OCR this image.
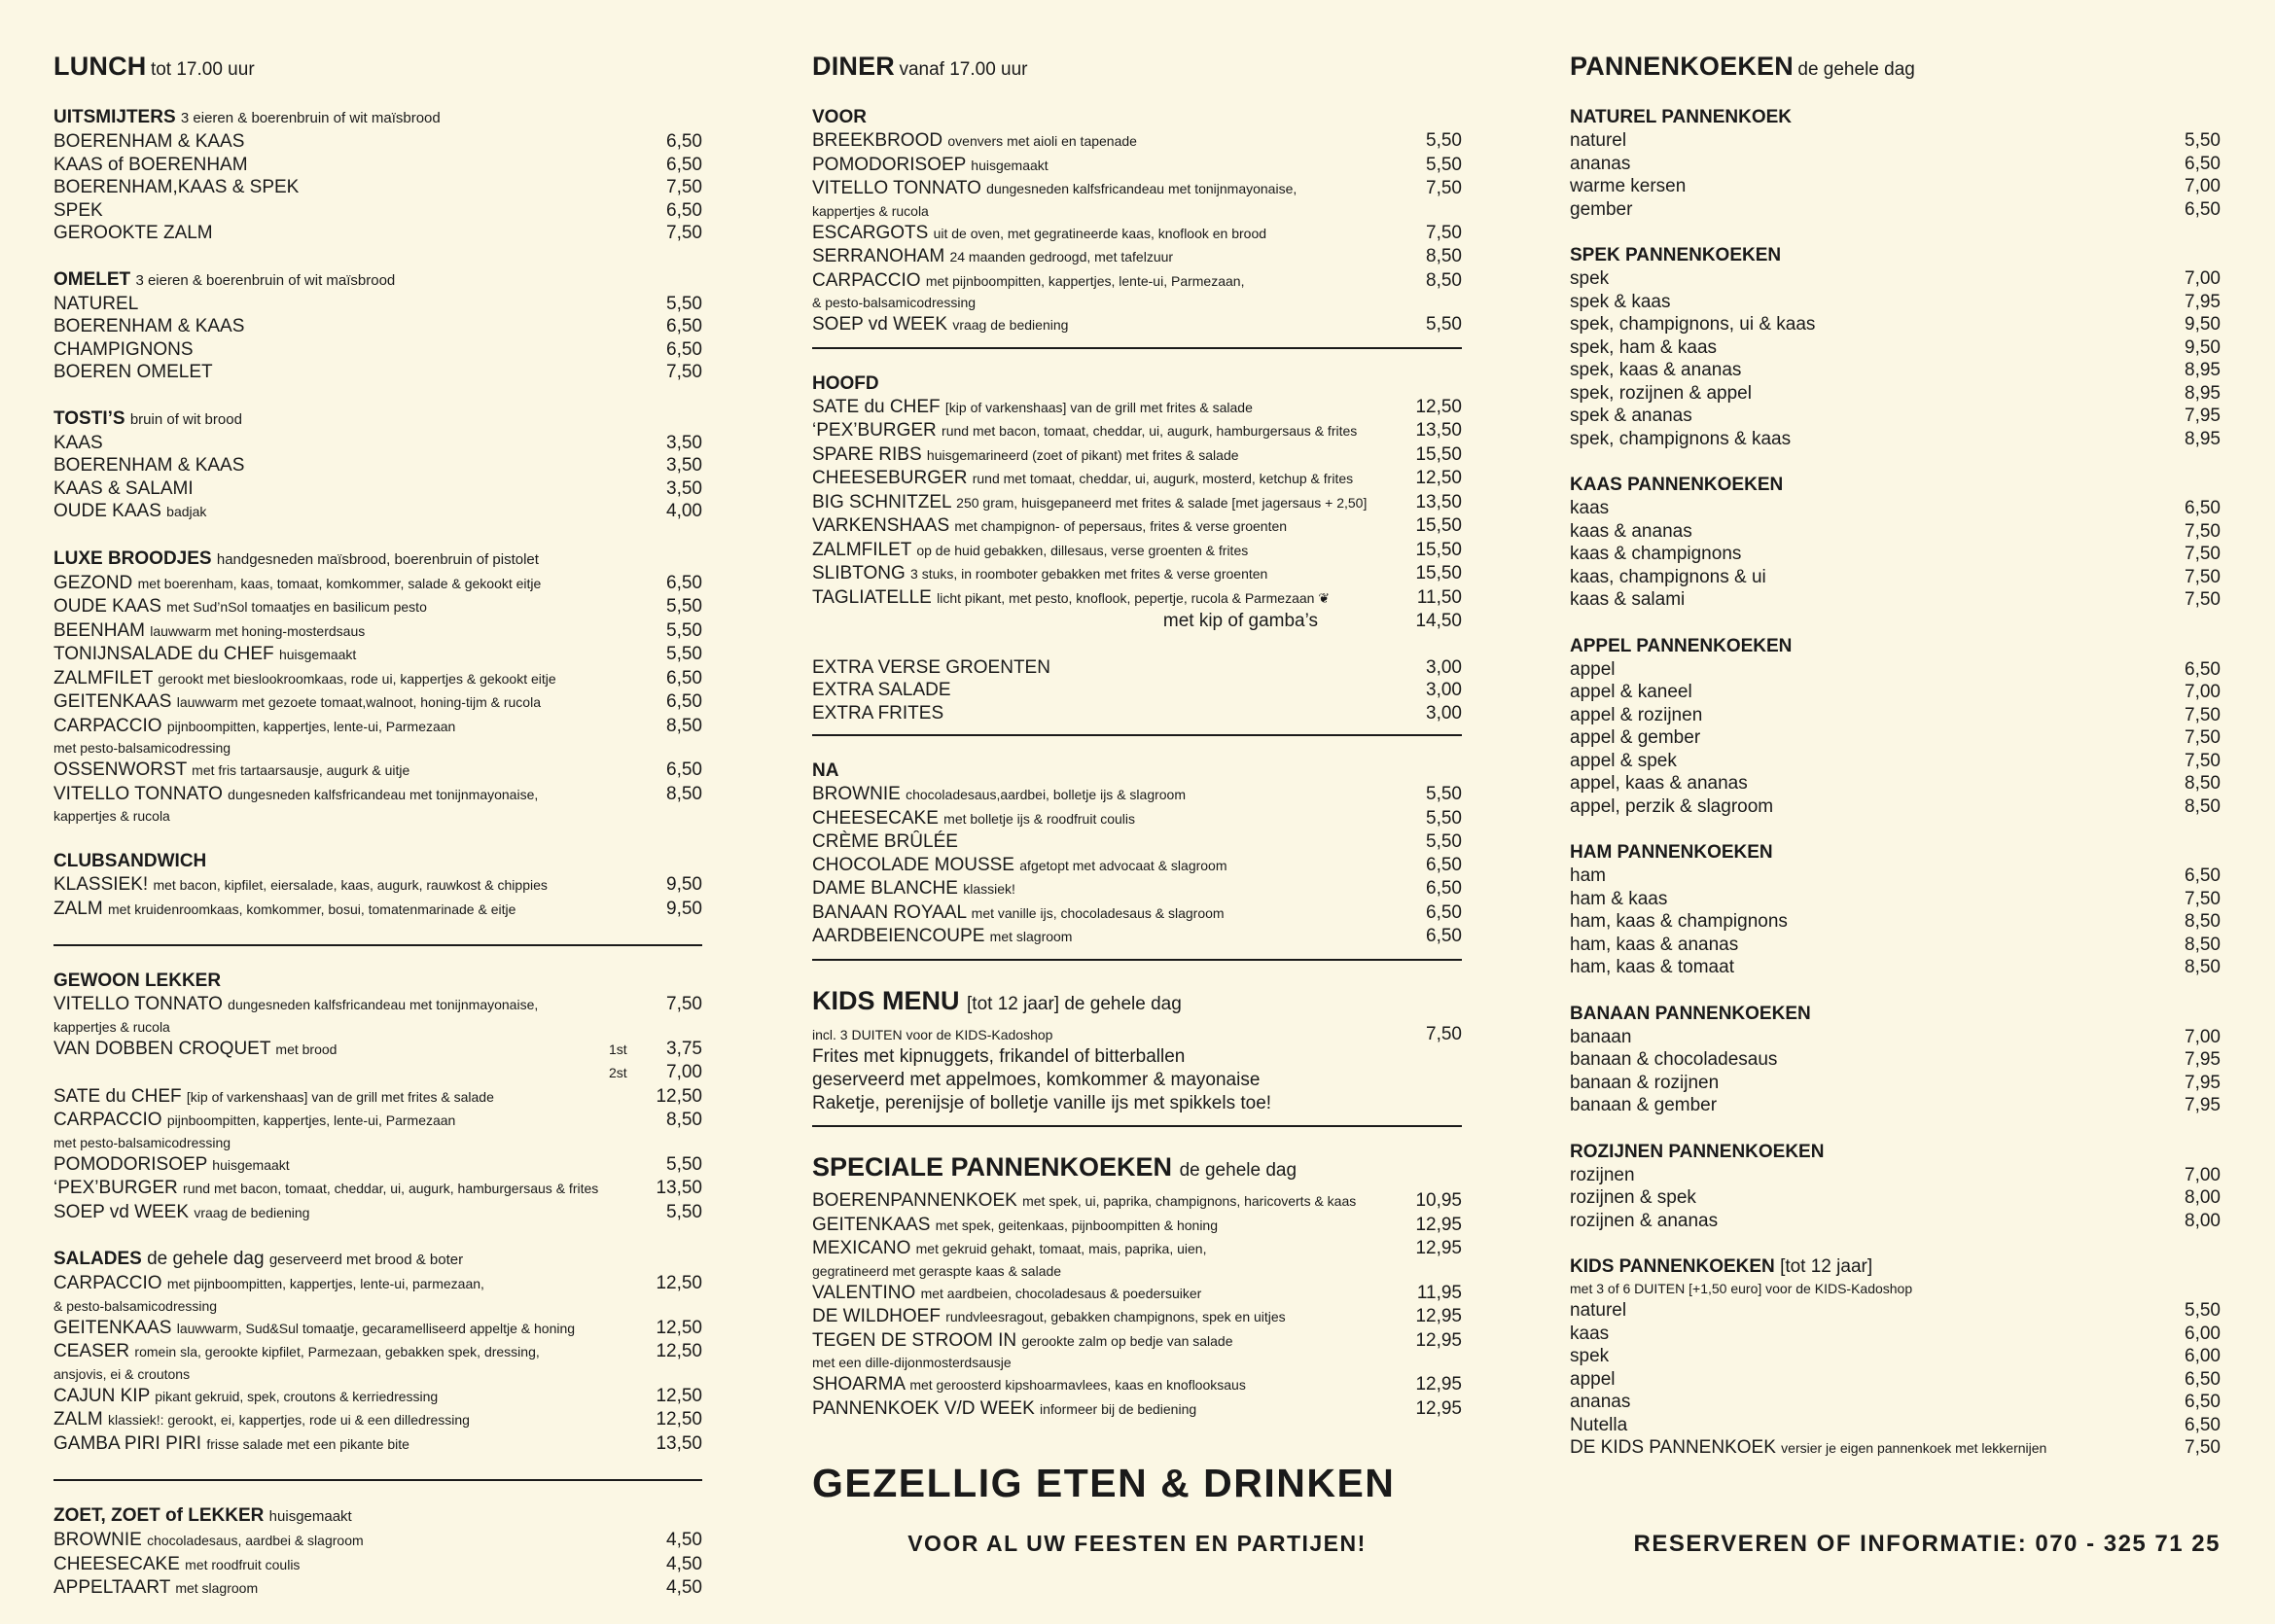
LUNCH tot 17.00 uur
UITSMIJTERS 3 eieren & boerenbruin of wit maïsbrood
BOERENHAM & KAAS	6,50
KAAS of BOERENHAM	6,50
BOERENHAM,KAAS & SPEK	7,50
SPEK	6,50
GEROOKTE ZALM	7,50
OMELET 3 eieren & boerenbruin of wit maïsbrood
NATUREL	5,50
BOERENHAM & KAAS	6,50
CHAMPIGNONS	6,50
BOEREN OMELET	7,50
TOSTI’S bruin of wit brood
KAAS	3,50
BOERENHAM & KAAS	3,50
KAAS & SALAMI	3,50
OUDE KAAS badjak	4,00
LUXE BROODJES handgesneden maïsbrood, boerenbruin of pistolet
GEZOND met boerenham, kaas, tomaat, komkommer, salade & gekookt eitje	6,50
OUDE KAAS met Sud’nSol tomaatjes en basilicum pesto	5,50
BEENHAM lauwwarm met honing-mosterdsaus	5,50
TONIJNSALADE du CHEF huisgemaakt	5,50
ZALMFILET gerookt met bieslookroomkaas, rode ui, kappertjes & gekookt eitje	6,50
GEITENKAAS lauwwarm met gezoete tomaat,walnoot, honing-tijm & rucola	6,50
CARPACCIO pijnboompitten, kappertjes, lente-ui, Parmezaan	8,50
met pesto-balsamicodressing
OSSENWORST met fris tartaarsausje, augurk & uitje	6,50
VITELLO TONNATO dungesneden kalfsfricandeau met tonijnmayonaise,	8,50
kappertjes & rucola
CLUBSANDWICH
KLASSIEK! met bacon, kipfilet, eiersalade, kaas, augurk, rauwkost & chippies	9,50
ZALM met kruidenroomkaas, komkommer, bosui, tomatenmarinade & eitje	9,50
GEWOON LEKKER
VITELLO TONNATO dungesneden kalfsfricandeau met tonijnmayonaise,	7,50
kappertjes & rucola
VAN DOBBEN CROQUET met brood	1st	3,75
2st	7,00
SATE du CHEF [kip of varkenshaas] van de grill met frites & salade	12,50
CARPACCIO pijnboompitten, kappertjes, lente-ui, Parmezaan	8,50
met pesto-balsamicodressing
POMODORISOEP huisgemaakt	5,50
‘PEX’BURGER rund met bacon, tomaat, cheddar, ui, augurk, hamburgersaus & frites	13,50
SOEP vd WEEK vraag de bediening	5,50
SALADES de gehele dag geserveerd met brood & boter
CARPACCIO met pijnboompitten, kappertjes, lente-ui, parmezaan,	12,50
& pesto-balsamicodressing
GEITENKAAS lauwwarm, Sud&Sul tomaatje, gecaramelliseerd appeltje & honing	12,50
CEASER romein sla, gerookte kipfilet, Parmezaan, gebakken spek, dressing,	12,50
ansjovis, ei & croutons
CAJUN KIP pikant gekruid, spek, croutons & kerriedressing	12,50
ZALM klassiek!: gerookt, ei, kappertjes, rode ui & een dilledressing	12,50
GAMBA PIRI PIRI frisse salade met een pikante bite	13,50
ZOET, ZOET of LEKKER huisgemaakt
BROWNIE chocoladesaus, aardbei & slagroom	4,50
CHEESECAKE met roodfruit coulis	4,50
APPELTAART met slagroom	4,50
DINER vanaf 17.00 uur
VOOR
BREEKBROOD ovenvers met aioli en tapenade	5,50
POMODORISOEP huisgemaakt	5,50
VITELLO TONNATO dungesneden kalfsfricandeau met tonijnmayonaise,	7,50
kappertjes & rucola
ESCARGOTS uit de oven, met gegratineerde kaas, knoflook en brood	7,50
SERRANOHAM 24 maanden gedroogd, met tafelzuur	8,50
CARPACCIO met pijnboompitten, kappertjes, lente-ui, Parmezaan,	8,50
& pesto-balsamicodressing
SOEP vd WEEK vraag de bediening	5,50
HOOFD
SATE du CHEF [kip of varkenshaas] van de grill met frites & salade	12,50
‘PEX’BURGER rund met bacon, tomaat, cheddar, ui, augurk, hamburgersaus & frites	13,50
SPARE RIBS huisgemarineerd (zoet of pikant) met frites & salade	15,50
CHEESEBURGER rund met tomaat, cheddar, ui, augurk, mosterd, ketchup & frites	12,50
BIG SCHNITZEL 250 gram, huisgepaneerd met frites & salade [met jagersaus + 2,50]	13,50
VARKENSHAAS met champignon- of pepersaus, frites & verse groenten	15,50
ZALMFILET op de huid gebakken, dillesaus, verse groenten & frites	15,50
SLIBTONG 3 stuks, in roomboter gebakken met frites & verse groenten	15,50
TAGLIATELLE licht pikant, met pesto, knoflook, pepertje, rucola & Parmezaan ❦	11,50
met kip of gamba’s	14,50
EXTRA VERSE GROENTEN	3,00
EXTRA SALADE	3,00
EXTRA FRITES	3,00
NA
BROWNIE chocoladesaus,aardbei, bolletje ijs & slagroom	5,50
CHEESECAKE met bolletje ijs & roodfruit coulis	5,50
CRÈME BRÛLÉE	5,50
CHOCOLADE MOUSSE afgetopt met advocaat & slagroom	6,50
DAME BLANCHE klassiek!	6,50
BANAAN ROYAAL met vanille ijs, chocoladesaus & slagroom	6,50
AARDBEIENCOUPE met slagroom	6,50
KIDS MENU [tot 12 jaar] de gehele dag
incl. 3 DUITEN voor de KIDS-Kadoshop	7,50
Frites met kipnuggets, frikandel of bitterballen
geserveerd met appelmoes, komkommer & mayonaise
Raketje, perenijsje of bolletje vanille ijs met spikkels toe!
SPECIALE PANNENKOEKEN de gehele dag
BOERENPANNENKOEK met spek, ui, paprika, champignons, haricoverts & kaas	10,95
GEITENKAAS met spek, geitenkaas, pijnboompitten & honing	12,95
MEXICANO met gekruid gehakt, tomaat, mais, paprika, uien,	12,95
gegratineerd met geraspte kaas & salade
VALENTINO met aardbeien, chocoladesaus & poedersuiker	11,95
DE WILDHOEF rundvleesragout, gebakken champignons, spek en uitjes	12,95
TEGEN DE STROOM IN gerookte zalm op bedje van salade	12,95
met een dille-dijonmosterdsausje
SHOARMA met geroosterd kipshoarmavlees, kaas en knoflooksaus	12,95
PANNENKOEK V/D WEEK informeer bij de bediening	12,95
GEZELLIG ETEN & DRINKEN
VOOR AL UW FEESTEN EN PARTIJEN!
PANNENKOEKEN de gehele dag
NATUREL PANNENKOEK
naturel	5,50
ananas	6,50
warme kersen	7,00
gember	6,50
SPEK PANNENKOEKEN
spek	7,00
spek & kaas	7,95
spek, champignons, ui & kaas	9,50
spek, ham & kaas	9,50
spek, kaas & ananas	8,95
spek, rozijnen & appel	8,95
spek & ananas	7,95
spek, champignons & kaas	8,95
KAAS PANNENKOEKEN
kaas	6,50
kaas & ananas	7,50
kaas & champignons	7,50
kaas, champignons & ui	7,50
kaas & salami	7,50
APPEL PANNENKOEKEN
appel	6,50
appel & kaneel	7,00
appel & rozijnen	7,50
appel & gember	7,50
appel & spek	7,50
appel, kaas & ananas	8,50
appel, perzik & slagroom	8,50
HAM PANNENKOEKEN
ham	6,50
ham & kaas	7,50
ham, kaas & champignons	8,50
ham, kaas & ananas	8,50
ham, kaas & tomaat	8,50
BANAAN PANNENKOEKEN
banaan	7,00
banaan & chocoladesaus	7,95
banaan & rozijnen	7,95
banaan & gember	7,95
ROZIJNEN PANNENKOEKEN
rozijnen	7,00
rozijnen & spek	8,00
rozijnen & ananas	8,00
KIDS PANNENKOEKEN [tot 12 jaar]
met 3 of 6 DUITEN [+1,50 euro] voor de KIDS-Kadoshop
naturel	5,50
kaas	6,00
spek	6,00
appel	6,50
ananas	6,50
Nutella	6,50
DE KIDS PANNENKOEK versier je eigen pannenkoek met lekkernijen	7,50
RESERVEREN OF INFORMATIE: 070 - 325 71 25
